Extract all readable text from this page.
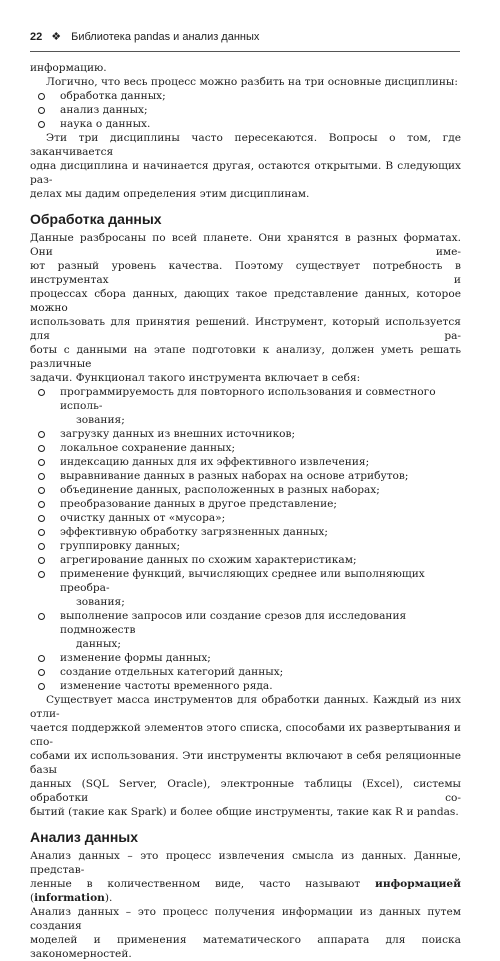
22 ❖ Библиотека pandas и анализ данных

информацию.

Логично, что весь процесс можно разбить на три основные дисциплины:

обработка данных;
анализ данных;
наука о данных.

Эти три дисциплины часто пересекаются. Вопросы о том, где заканчивается
одна дисциплина и начинается другая, остаются открытыми. В следующих раз-
делах мы дадим определения этим дисциплинам.

Обработка данных

Данные разбросаны по всей планете. Они хранятся в разных форматах. Они име-
ют разный уровень качества. Поэтому существует потребность в инструментах и
процессах сбора данных, дающих такое представление данных, которое можно
использовать для принятия решений. Инструмент, который используется для ра-
боты с данными на этапе подготовки к анализу, должен уметь решать различные
задачи. Функционал такого инструмента включает в себя:

программируемость для повторного использования и совместного исполь-
зования;
загрузку данных из внешних источников;
локальное сохранение данных;
индексацию данных для их эффективного извлечения;
выравнивание данных в разных наборах на основе атрибутов;
объединение данных, расположенных в разных наборах;
преобразование данных в другое представление;
очистку данных от «мусора»;
эффективную обработку загрязненных данных;
группировку данных;
агрегирование данных по схожим характеристикам;
применение функций, вычисляющих среднее или выполняющих преобра-
зования;
выполнение запросов или создание срезов для исследования подмножеств
данных;
изменение формы данных;
создание отдельных категорий данных;
изменение частоты временного ряда.

Существует масса инструментов для обработки данных. Каждый из них отли-
чается поддержкой элементов этого списка, способами их развертывания и спо-
собами их использования. Эти инструменты включают в себя реляционные базы
данных (SQL Server, Oracle), электронные таблицы (Excel), системы обработки со-
бытий (такие как Spark) и более общие инструменты, такие как R и pandas.

Анализ данных

Анализ данных – это процесс извлечения смысла из данных. Данные, представ-
ленные в количественном виде, часто называют информацией (information).
Анализ данных – это процесс получения информации из данных путем создания
моделей и применения математического аппарата для поиска закономерностей.
